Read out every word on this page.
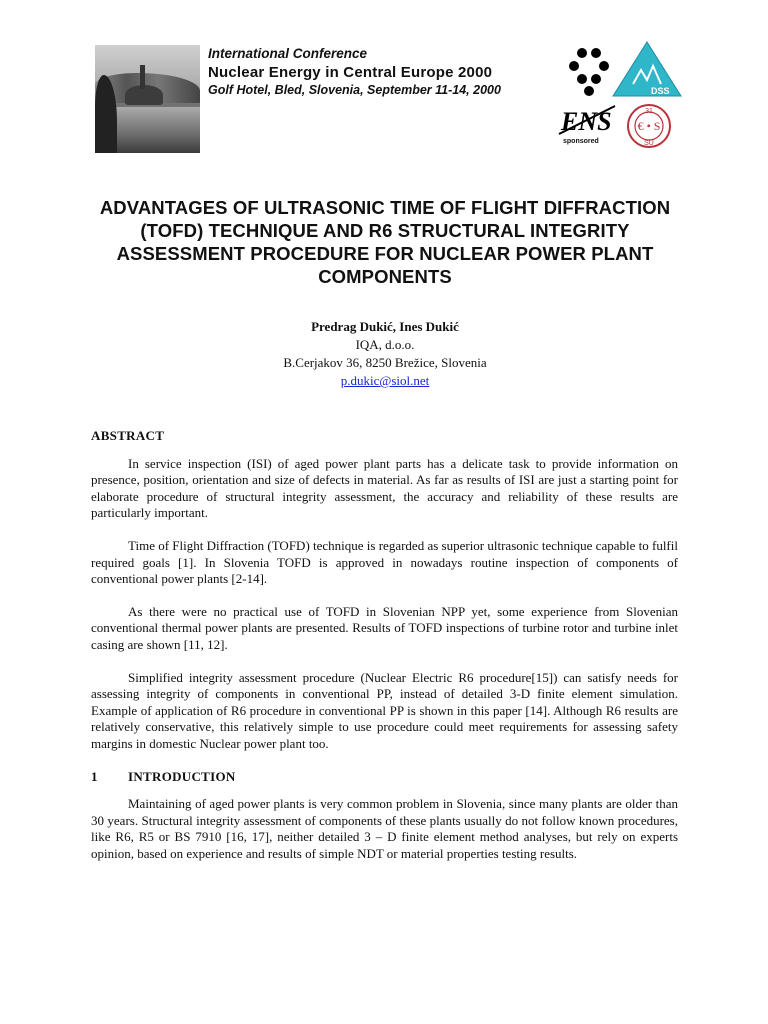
International Conference
Nuclear Energy in Central Europe 2000
Golf Hotel, Bled, Slovenia, September 11-14, 2000	DSS
ENS
sponsored
31
€ • S
SU
ADVANTAGES OF ULTRASONIC TIME OF FLIGHT DIFFRACTION (TOFD) TECHNIQUE AND R6 STRUCTURAL INTEGRITY ASSESSMENT PROCEDURE FOR NUCLEAR POWER PLANT COMPONENTS
Predrag Dukić, Ines Dukić
IQA, d.o.o.
B.Cerjakov 36, 8250 Brežice, Slovenia
p.dukic@siol.net
ABSTRACT

In service inspection (ISI) of aged power plant parts has a delicate task to provide information on presence, position, orientation and size of defects in material. As far as results of ISI are just a starting point for elaborate procedure of structural integrity assessment, the accuracy and reliability of these results are particularly important.

Time of Flight Diffraction (TOFD) technique is regarded as superior ultrasonic technique capable to fulfil required goals [1]. In Slovenia TOFD is approved in nowadays routine inspection of components of conventional power plants [2-14].

As there were no practical use of TOFD in Slovenian NPP yet, some experience from Slovenian conventional thermal power plants are presented. Results of TOFD inspections of turbine rotor and turbine inlet casing are shown [11, 12].

Simplified integrity assessment procedure (Nuclear Electric R6 procedure[15]) can satisfy needs for assessing integrity of components in conventional PP, instead of detailed 3-D finite element simulation. Example of application of R6 procedure in conventional PP is shown in this paper [14]. Although R6 results are relatively conservative, this relatively simple to use procedure could meet requirements for assessing safety margins in domestic Nuclear power plant too.

1 INTRODUCTION

Maintaining of aged power plants is very common problem in Slovenia, since many plants are older than 30 years. Structural integrity assessment of components of these plants usually do not follow known procedures, like R6, R5 or BS 7910 [16, 17], neither detailed 3 – D finite element method analyses, but rely on experts opinion, based on experience and results of simple NDT or material properties testing results.
